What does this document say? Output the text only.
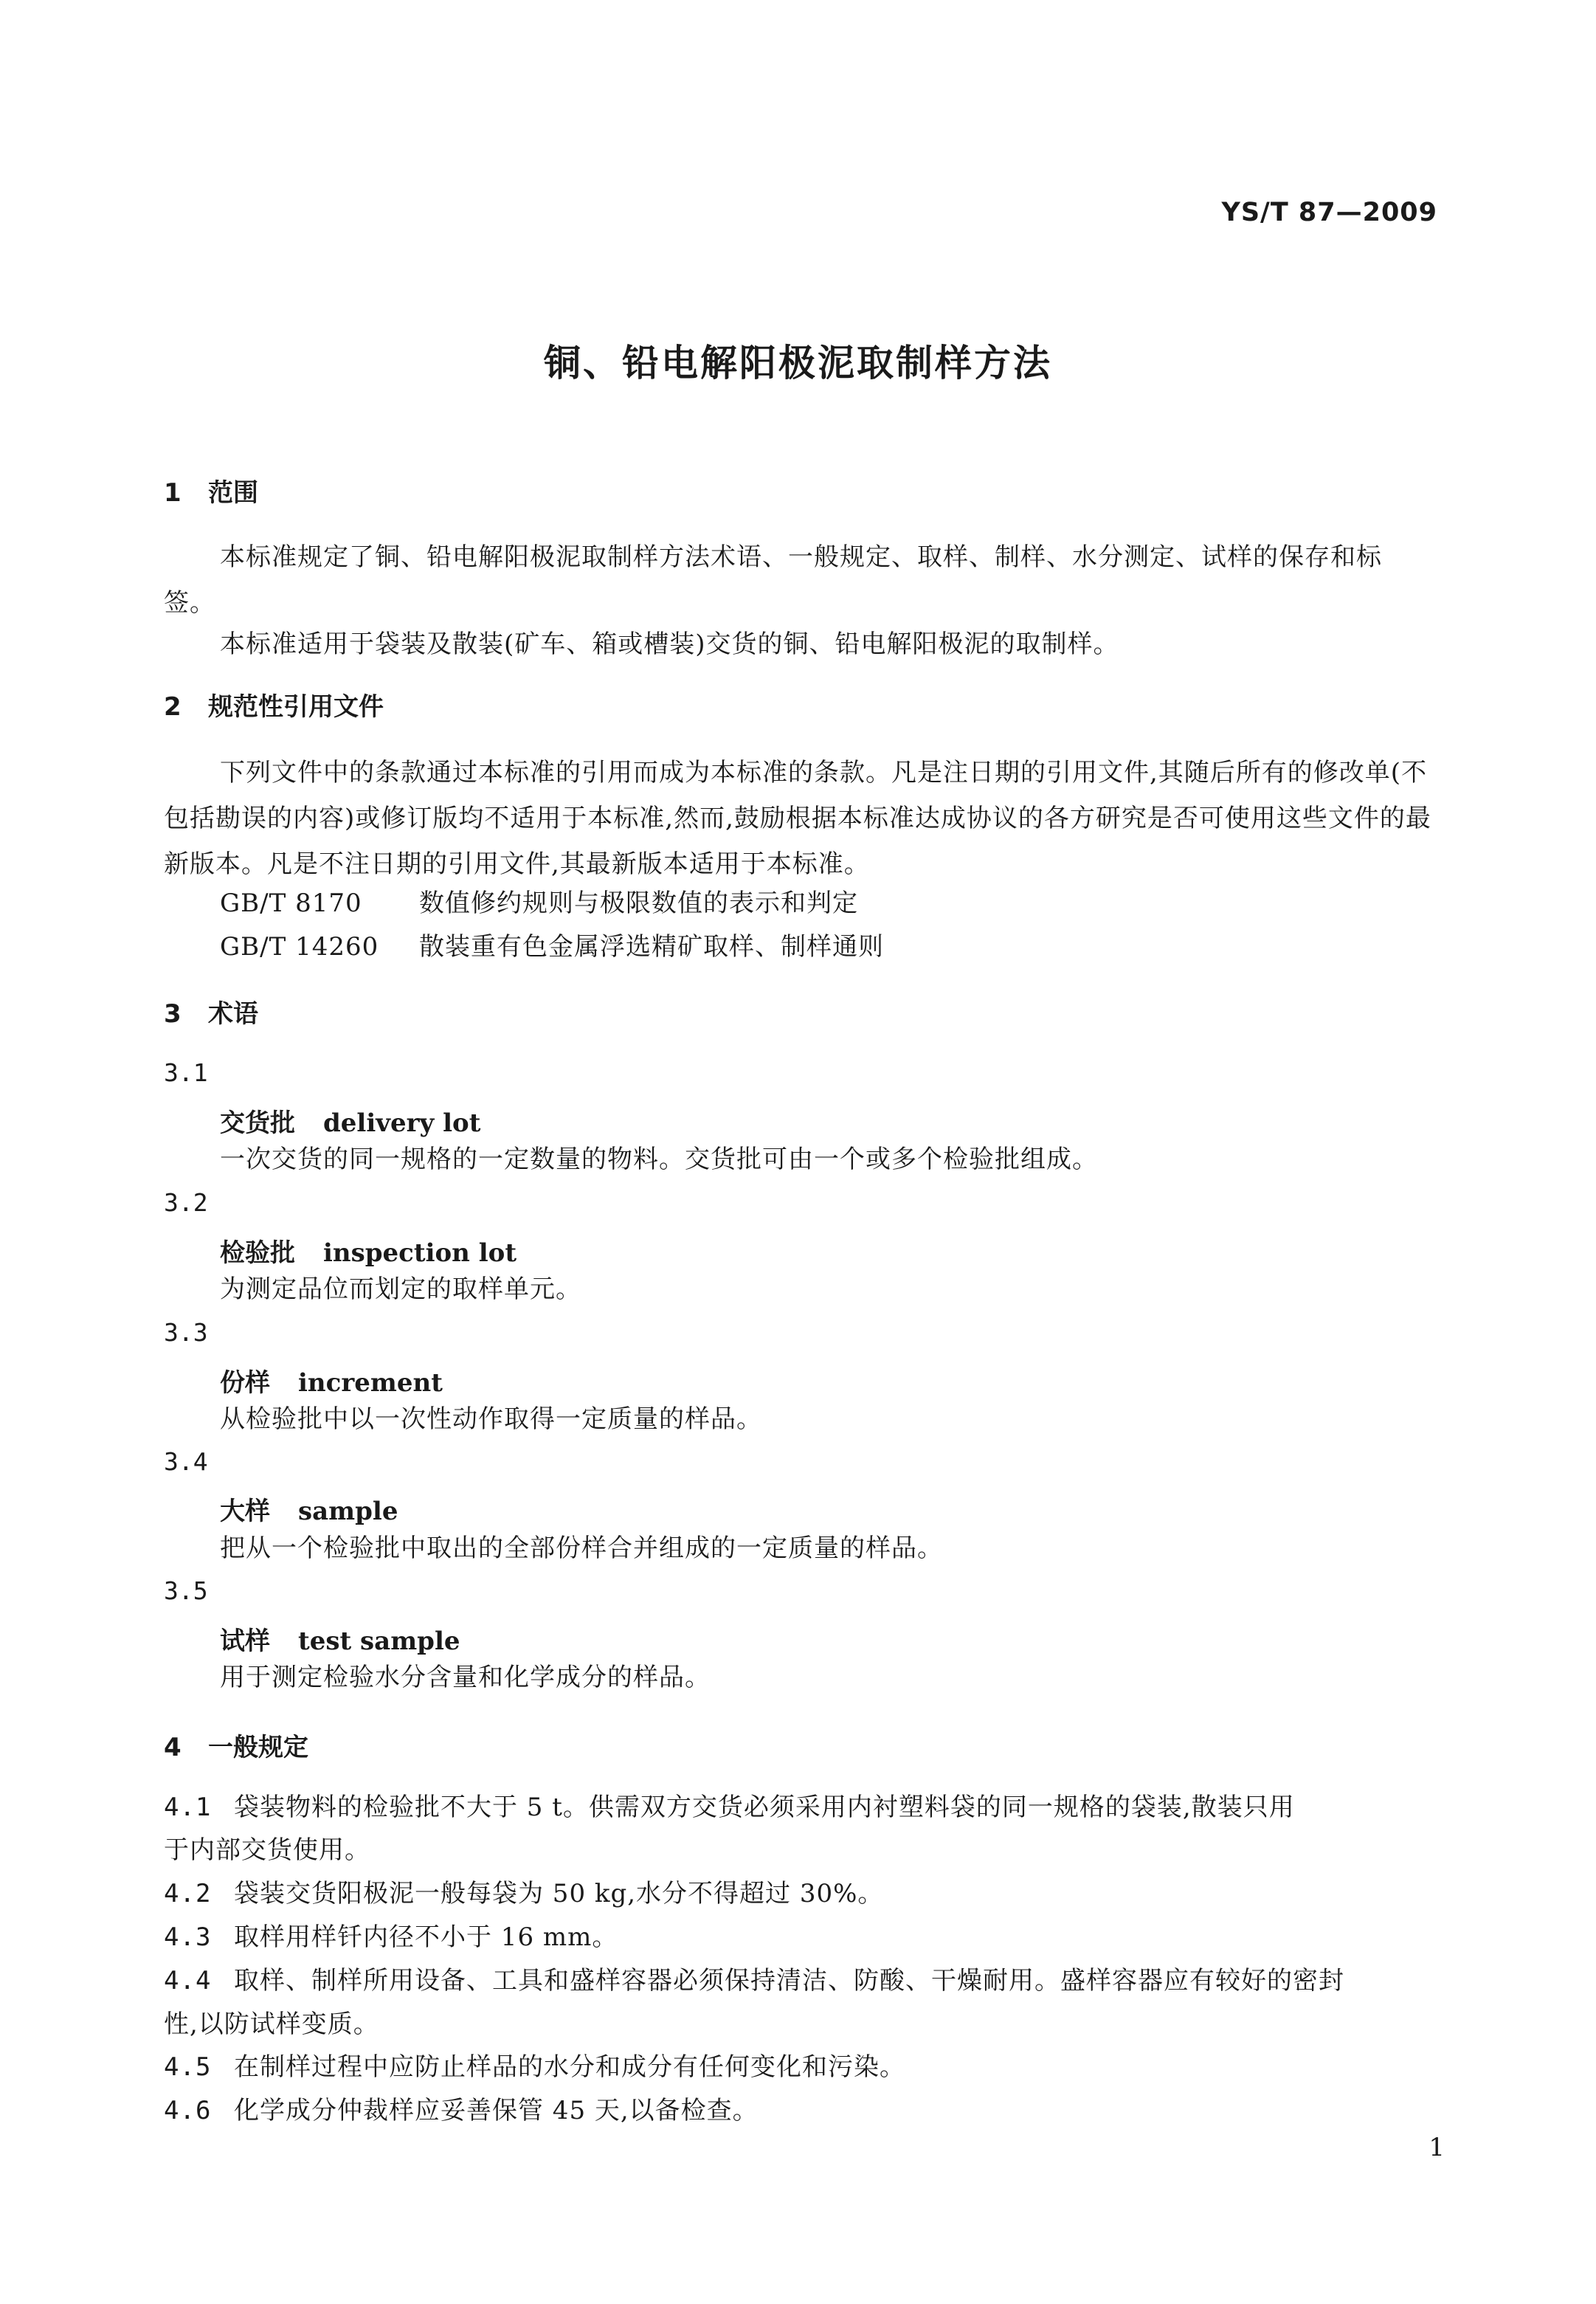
YS/T 87—2009
铜、铅电解阳极泥取制样方法
1 范围
本标准规定了铜、铅电解阳极泥取制样方法术语、一般规定、取样、制样、水分测定、试样的保存和标签。
本标准适用于袋装及散装(矿车、箱或槽装)交货的铜、铅电解阳极泥的取制样。
2 规范性引用文件
下列文件中的条款通过本标准的引用而成为本标准的条款。凡是注日期的引用文件,其随后所有的修改单(不包括勘误的内容)或修订版均不适用于本标准,然而,鼓励根据本标准达成协议的各方研究是否可使用这些文件的最新版本。凡是不注日期的引用文件,其最新版本适用于本标准。
GB/T 8170 数值修约规则与极限数值的表示和判定
GB/T 14260 散装重有色金属浮选精矿取样、制样通则
3 术语
3.1
交货批 delivery lot
一次交货的同一规格的一定数量的物料。交货批可由一个或多个检验批组成。
3.2
检验批 inspection lot
为测定品位而划定的取样单元。
3.3
份样 increment
从检验批中以一次性动作取得一定质量的样品。
3.4
大样 sample
把从一个检验批中取出的全部份样合并组成的一定质量的样品。
3.5
试样 test sample
用于测定检验水分含量和化学成分的样品。
4 一般规定
4.1 袋装物料的检验批不大于 5 t。供需双方交货必须采用内衬塑料袋的同一规格的袋装,散装只用
于内部交货使用。
4.2 袋装交货阳极泥一般每袋为 50 kg,水分不得超过 30%。
4.3 取样用样钎内径不小于 16 mm。
4.4 取样、制样所用设备、工具和盛样容器必须保持清洁、防酸、干燥耐用。盛样容器应有较好的密封
性,以防试样变质。
4.5 在制样过程中应防止样品的水分和成分有任何变化和污染。
4.6 化学成分仲裁样应妥善保管 45 天,以备检查。
1
